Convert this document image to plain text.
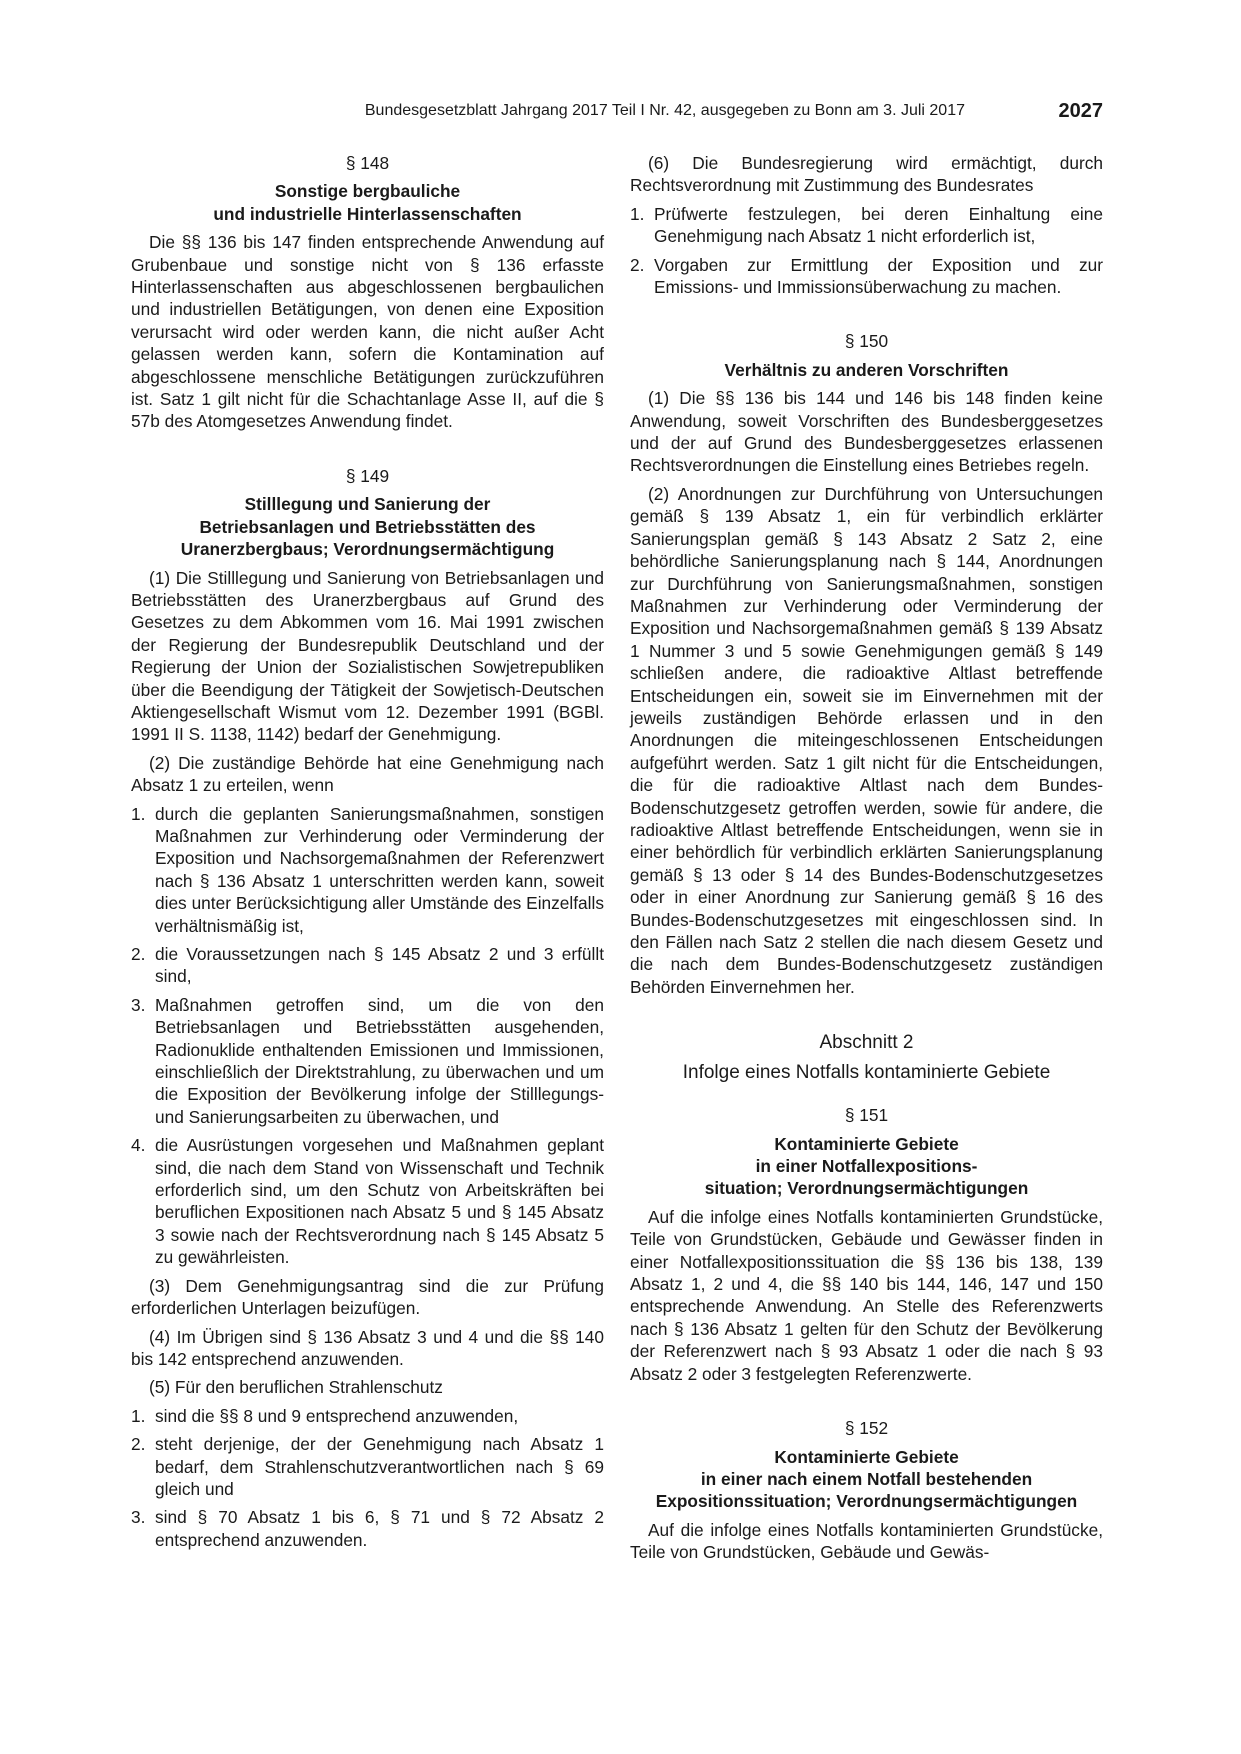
Bundesgesetzblatt Jahrgang 2017 Teil I Nr. 42, ausgegeben zu Bonn am 3. Juli 2017	2027
§ 148
Sonstige bergbauliche
und industrielle Hinterlassenschaften

Die §§ 136 bis 147 finden entsprechende Anwendung auf Grubenbaue und sonstige nicht von § 136 erfasste Hinterlassenschaften aus abgeschlossenen bergbaulichen und industriellen Betätigungen, von denen eine Exposition verursacht wird oder werden kann, die nicht außer Acht gelassen werden kann, sofern die Kontamination auf abgeschlossene menschliche Betätigungen zurückzuführen ist. Satz 1 gilt nicht für die Schachtanlage Asse II, auf die § 57b des Atomgesetzes Anwendung findet.

§ 149
Stilllegung und Sanierung der
Betriebsanlagen und Betriebsstätten des
Uranerzbergbaus; Verordnungsermächtigung

(1) Die Stilllegung und Sanierung von Betriebsanlagen und Betriebsstätten des Uranerzbergbaus auf Grund des Gesetzes zu dem Abkommen vom 16. Mai 1991 zwischen der Regierung der Bundesrepublik Deutschland und der Regierung der Union der Sozialistischen Sowjetrepubliken über die Beendigung der Tätigkeit der Sowjetisch-Deutschen Aktiengesellschaft Wismut vom 12. Dezember 1991 (BGBl. 1991 II S. 1138, 1142) bedarf der Genehmigung.

(2) Die zuständige Behörde hat eine Genehmigung nach Absatz 1 zu erteilen, wenn

1. durch die geplanten Sanierungsmaßnahmen, sonstigen Maßnahmen zur Verhinderung oder Verminderung der Exposition und Nachsorgemaßnahmen der Referenzwert nach § 136 Absatz 1 unterschritten werden kann, soweit dies unter Berücksichtigung aller Umstände des Einzelfalls verhältnismäßig ist,
2. die Voraussetzungen nach § 145 Absatz 2 und 3 erfüllt sind,
3. Maßnahmen getroffen sind, um die von den Betriebsanlagen und Betriebsstätten ausgehenden, Radionuklide enthaltenden Emissionen und Immissionen, einschließlich der Direktstrahlung, zu überwachen und um die Exposition der Bevölkerung infolge der Stilllegungs- und Sanierungsarbeiten zu überwachen, und
4. die Ausrüstungen vorgesehen und Maßnahmen geplant sind, die nach dem Stand von Wissenschaft und Technik erforderlich sind, um den Schutz von Arbeitskräften bei beruflichen Expositionen nach Absatz 5 und § 145 Absatz 3 sowie nach der Rechtsverordnung nach § 145 Absatz 5 zu gewährleisten.

(3) Dem Genehmigungsantrag sind die zur Prüfung erforderlichen Unterlagen beizufügen.

(4) Im Übrigen sind § 136 Absatz 3 und 4 und die §§ 140 bis 142 entsprechend anzuwenden.

(5) Für den beruflichen Strahlenschutz

1. sind die §§ 8 und 9 entsprechend anzuwenden,
2. steht derjenige, der der Genehmigung nach Absatz 1 bedarf, dem Strahlenschutzverantwortlichen nach § 69 gleich und
3. sind § 70 Absatz 1 bis 6, § 71 und § 72 Absatz 2 entsprechend anzuwenden.

(6) Die Bundesregierung wird ermächtigt, durch Rechtsverordnung mit Zustimmung des Bundesrates

1. Prüfwerte festzulegen, bei deren Einhaltung eine Genehmigung nach Absatz 1 nicht erforderlich ist,
2. Vorgaben zur Ermittlung der Exposition und zur Emissions- und Immissionsüberwachung zu machen.
§ 150
Verhältnis zu anderen Vorschriften

(1) Die §§ 136 bis 144 und 146 bis 148 finden keine Anwendung, soweit Vorschriften des Bundesberggesetzes und der auf Grund des Bundesberggesetzes erlassenen Rechtsverordnungen die Einstellung eines Betriebes regeln.

(2) Anordnungen zur Durchführung von Untersuchungen gemäß § 139 Absatz 1, ein für verbindlich erklärter Sanierungsplan gemäß § 143 Absatz 2 Satz 2, eine behördliche Sanierungsplanung nach § 144, Anordnungen zur Durchführung von Sanierungsmaßnahmen, sonstigen Maßnahmen zur Verhinderung oder Verminderung der Exposition und Nachsorgemaßnahmen gemäß § 139 Absatz 1 Nummer 3 und 5 sowie Genehmigungen gemäß § 149 schließen andere, die radioaktive Altlast betreffende Entscheidungen ein, soweit sie im Einvernehmen mit der jeweils zuständigen Behörde erlassen und in den Anordnungen die miteingeschlossenen Entscheidungen aufgeführt werden. Satz 1 gilt nicht für die Entscheidungen, die für die radioaktive Altlast nach dem Bundes-Bodenschutzgesetz getroffen werden, sowie für andere, die radioaktive Altlast betreffende Entscheidungen, wenn sie in einer behördlich für verbindlich erklärten Sanierungsplanung gemäß § 13 oder § 14 des Bundes-Bodenschutzgesetzes oder in einer Anordnung zur Sanierung gemäß § 16 des Bundes-Bodenschutzgesetzes mit eingeschlossen sind. In den Fällen nach Satz 2 stellen die nach diesem Gesetz und die nach dem Bundes-Bodenschutzgesetz zuständigen Behörden Einvernehmen her.

Abschnitt 2
Infolge eines Notfalls kontaminierte Gebiete
§ 151
Kontaminierte Gebiete
in einer Notfallexpositions-
situation; Verordnungsermächtigungen

Auf die infolge eines Notfalls kontaminierten Grundstücke, Teile von Grundstücken, Gebäude und Gewässer finden in einer Notfallexpositionssituation die §§ 136 bis 138, 139 Absatz 1, 2 und 4, die §§ 140 bis 144, 146, 147 und 150 entsprechende Anwendung. An Stelle des Referenzwerts nach § 136 Absatz 1 gelten für den Schutz der Bevölkerung der Referenzwert nach § 93 Absatz 1 oder die nach § 93 Absatz 2 oder 3 festgelegten Referenzwerte.

§ 152
Kontaminierte Gebiete
in einer nach einem Notfall bestehenden
Expositionssituation; Verordnungsermächtigungen

Auf die infolge eines Notfalls kontaminierten Grundstücke, Teile von Grundstücken, Gebäude und Gewäs-
